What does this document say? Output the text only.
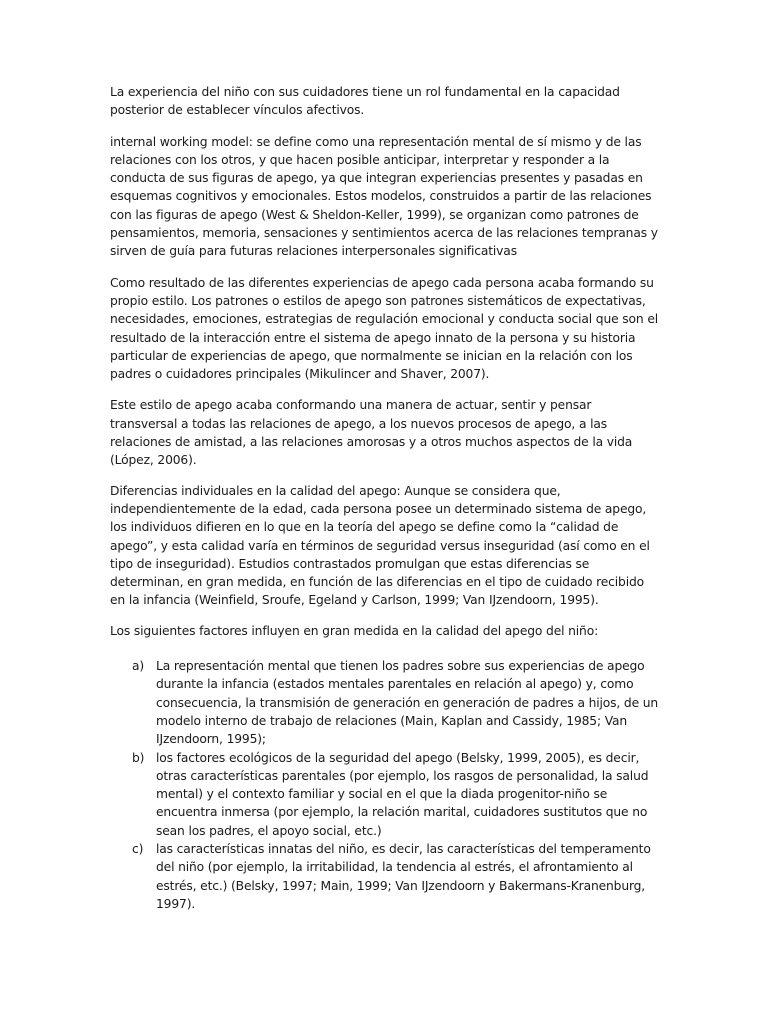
La experiencia del niño con sus cuidadores tiene un rol fundamental en la capacidad posterior de establecer vínculos afectivos.

internal working model: se define como una representación mental de sí mismo y de las relaciones con los otros, y que hacen posible anticipar, interpretar y responder a la conducta de sus figuras de apego, ya que integran experiencias presentes y pasadas en esquemas cognitivos y emocionales. Estos modelos, construidos a partir de las relaciones con las figuras de apego (West & Sheldon-Keller, 1999), se organizan como patrones de pensamientos, memoria, sensaciones y sentimientos acerca de las relaciones tempranas y sirven de guía para futuras relaciones interpersonales significativas

Como resultado de las diferentes experiencias de apego cada persona acaba formando su propio estilo. Los patrones o estilos de apego son patrones sistemáticos de expectativas, necesidades, emociones, estrategias de regulación emocional y conducta social que son el resultado de la interacción entre el sistema de apego innato de la persona y su historia particular de experiencias de apego, que normalmente se inician en la relación con los padres o cuidadores principales (Mikulincer and Shaver, 2007).

Este estilo de apego acaba conformando una manera de actuar, sentir y pensar transversal a todas las relaciones de apego, a los nuevos procesos de apego, a las relaciones de amistad, a las relaciones amorosas y a otros muchos aspectos de la vida (López, 2006).

Diferencias individuales en la calidad del apego: Aunque se considera que, independientemente de la edad, cada persona posee un determinado sistema de apego, los individuos difieren en lo que en la teoría del apego se define como la “calidad de apego”, y esta calidad varía en términos de seguridad versus inseguridad (así como en el tipo de inseguridad). Estudios contrastados promulgan que estas diferencias se determinan, en gran medida, en función de las diferencias en el tipo de cuidado recibido en la infancia (Weinfield, Sroufe, Egeland y Carlson, 1999; Van IJzendoorn, 1995).

Los siguientes factores influyen en gran medida en la calidad del apego del niño:

a) La representación mental que tienen los padres sobre sus experiencias de apego durante la infancia (estados mentales parentales en relación al apego) y, como consecuencia, la transmisión de generación en generación de padres a hijos, de un modelo interno de trabajo de relaciones (Main, Kaplan and Cassidy, 1985; Van IJzendoorn, 1995);
b) los factores ecológicos de la seguridad del apego (Belsky, 1999, 2005), es decir, otras características parentales (por ejemplo, los rasgos de personalidad, la salud mental) y el contexto familiar y social en el que la diada progenitor-niño se encuentra inmersa (por ejemplo, la relación marital, cuidadores sustitutos que no sean los padres, el apoyo social, etc.)
c) las características innatas del niño, es decir, las características del temperamento del niño (por ejemplo, la irritabilidad, la tendencia al estrés, el afrontamiento al estrés, etc.) (Belsky, 1997; Main, 1999; Van IJzendoorn y Bakermans-Kranenburg, 1997).
